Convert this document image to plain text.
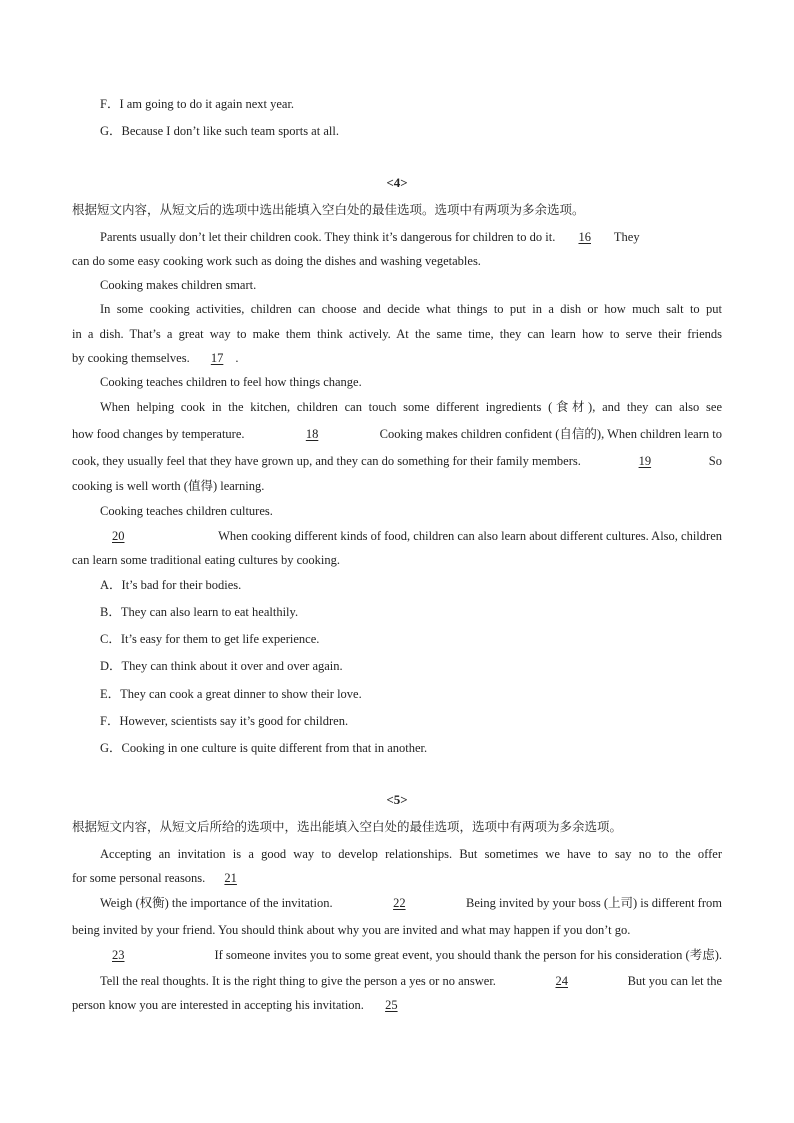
F．I am going to do it again next year.
G．Because I don’t like such team sports at all.
<4>
根据短文内容，从短文后的选项中选出能填入空白处的最佳选项。选项中有两项为多余选项。
Parents usually don’t let their children cook. They think it’s dangerous for children to do it. 16 They
can do some easy cooking work such as doing the dishes and washing vegetables.
Cooking makes children smart.
In some cooking activities, children can choose and decide what things to put in a dish or how much salt to put
in a dish. That’s a great way to make them think actively. At the same time, they can learn how to serve their friends
by cooking themselves. 17 .
Cooking teaches children to feel how things change.
When helping cook in the kitchen, children can touch some different ingredients (食材), and they can also see
how food changes by temperature.	18	Cooking makes children confident (自信的), When children learn to
cook, they usually feel that they have grown up, and they can do something for their family members.	19	So
cooking is well worth (值得) learning.
Cooking teaches children cultures.
20	When cooking different kinds of food, children can also learn about different cultures. Also, children
can learn some traditional eating cultures by cooking.
A．It’s bad for their bodies.
B．They can also learn to eat healthily.
C．It’s easy for them to get life experience.
D．They can think about it over and over again.
E．They can cook a great dinner to show their love.
F．However, scientists say it’s good for children.
G．Cooking in one culture is quite different from that in another.
<5>
根据短文内容，从短文后所给的选项中，选出能填入空白处的最佳选项，选项中有两项为多余选项。
Accepting an invitation is a good way to develop relationships. But sometimes we have to say no to the offer
for some personal reasons. 21
Weigh (权衡) the importance of the invitation.	22	Being invited by your boss (上司) is different from
being invited by your friend. You should think about why you are invited and what may happen if you don’t go.
23	If someone invites you to some great event, you should thank the person for his consideration (考虑).
Tell the real thoughts. It is the right thing to give the person a yes or no answer.	24	But you can let the
person know you are interested in accepting his invitation. 25
